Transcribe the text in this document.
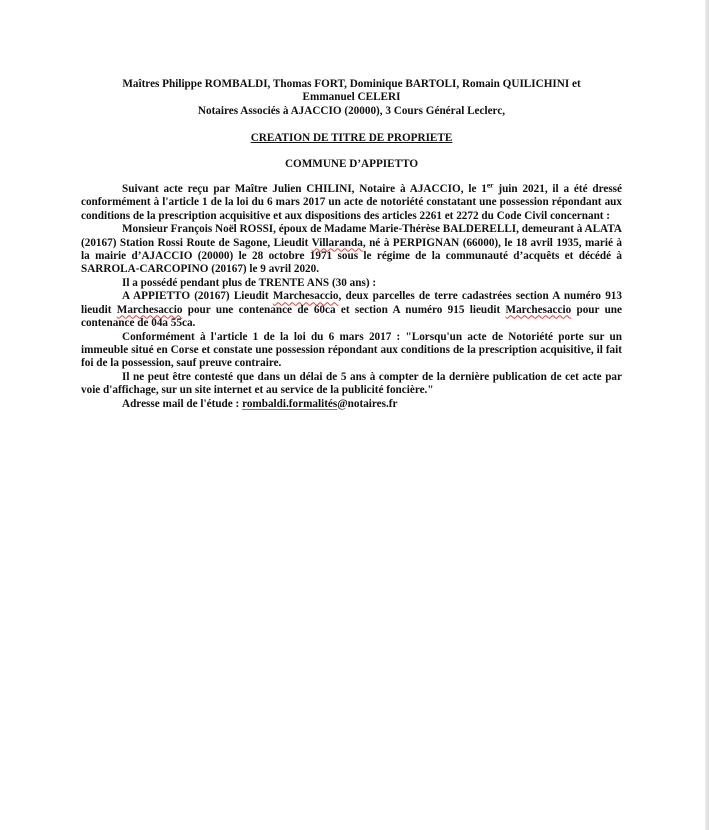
Maîtres Philippe ROMBALDI, Thomas FORT, Dominique BARTOLI, Romain QUILICHINI et
Emmanuel CELERI
Notaires Associés à AJACCIO (20000), 3 Cours Général Leclerc,
CREATION DE TITRE DE PROPRIETE
COMMUNE D’APPIETTO

Suivant acte reçu par Maître Julien CHILINI, Notaire à AJACCIO, le 1er juin 2021, il a été dressé conformément à l'article 1 de la loi du 6 mars 2017 un acte de notoriété constatant une possession répondant aux conditions de la prescription acquisitive et aux dispositions des articles 2261 et 2272 du Code Civil concernant :

Monsieur François Noël ROSSI, époux de Madame Marie-Thérèse BALDERELLI, demeurant à ALATA (20167) Station Rossi Route de Sagone, Lieudit Villaranda, né à PERPIGNAN (66000), le 18 avril 1935, marié à la mairie d’AJACCIO (20000) le 28 octobre 1971 sous le régime de la communauté d’acquêts et décédé à SARROLA-CARCOPINO (20167) le 9 avril 2020.

Il a possédé pendant plus de TRENTE ANS (30 ans) :

A APPIETTO (20167) Lieudit Marchesaccio, deux parcelles de terre cadastrées section A numéro 913 lieudit Marchesaccio pour une contenance de 60ca et section A numéro 915 lieudit Marchesaccio pour une contenance de 04a 55ca.

Conformément à l'article 1 de la loi du 6 mars 2017 : "Lorsqu'un acte de Notoriété porte sur un immeuble situé en Corse et constate une possession répondant aux conditions de la prescription acquisitive, il fait foi de la possession, sauf preuve contraire.

Il ne peut être contesté que dans un délai de 5 ans à compter de la dernière publication de cet acte par voie d'affichage, sur un site internet et au service de la publicité foncière."

Adresse mail de l'étude : rombaldi.formalités@notaires.fr
